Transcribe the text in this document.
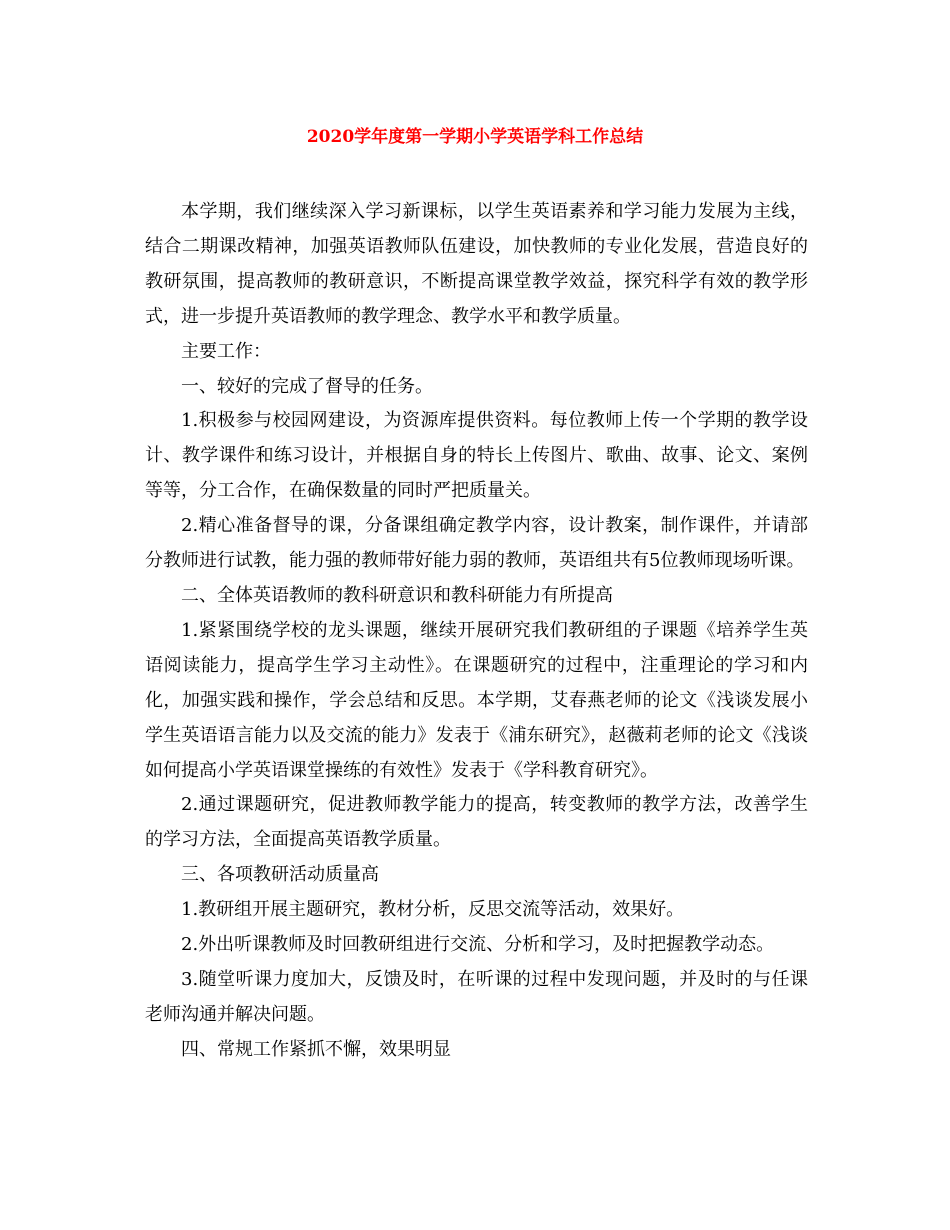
2020学年度第一学期小学英语学科工作总结

本学期，我们继续深入学习新课标，以学生英语素养和学习能力发展为主线，结合二期课改精神，加强英语教师队伍建设，加快教师的专业化发展，营造良好的教研氛围，提高教师的教研意识，不断提高课堂教学效益，探究科学有效的教学形式，进一步提升英语教师的教学理念、教学水平和教学质量。

主要工作：

一、较好的完成了督导的任务。

1.积极参与校园网建设，为资源库提供资料。每位教师上传一个学期的教学设计、教学课件和练习设计，并根据自身的特长上传图片、歌曲、故事、论文、案例等等，分工合作，在确保数量的同时严把质量关。

2.精心准备督导的课，分备课组确定教学内容，设计教案，制作课件，并请部分教师进行试教，能力强的教师带好能力弱的教师，英语组共有5位教师现场听课。

二、全体英语教师的教科研意识和教科研能力有所提高

1.紧紧围绕学校的龙头课题，继续开展研究我们教研组的子课题《培养学生英语阅读能力，提高学生学习主动性》。在课题研究的过程中，注重理论的学习和内化，加强实践和操作，学会总结和反思。本学期，艾春燕老师的论文《浅谈发展小学生英语语言能力以及交流的能力》发表于《浦东研究》，赵薇莉老师的论文《浅谈如何提高小学英语课堂操练的有效性》发表于《学科教育研究》。

2.通过课题研究，促进教师教学能力的提高，转变教师的教学方法，改善学生的学习方法，全面提高英语教学质量。

三、各项教研活动质量高

1.教研组开展主题研究，教材分析，反思交流等活动，效果好。

2.外出听课教师及时回教研组进行交流、分析和学习，及时把握教学动态。

3.随堂听课力度加大，反馈及时，在听课的过程中发现问题，并及时的与任课老师沟通并解决问题。

四、常规工作紧抓不懈，效果明显
